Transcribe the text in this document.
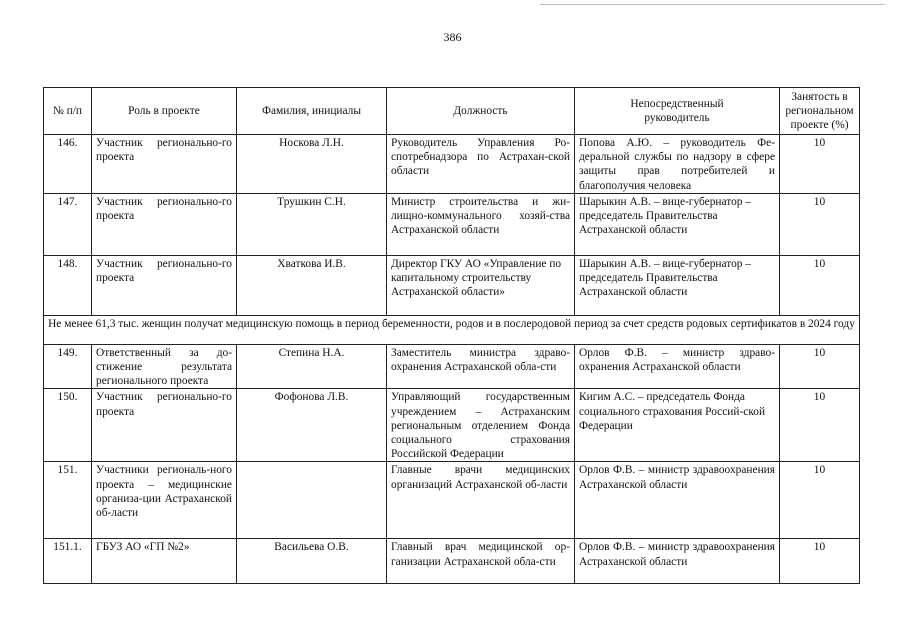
386
№ п/п	Роль в проекте	Фамилия, инициалы	Должность	Непосредственный руководитель	Занятость в региональном проекте (%)
146.	Участник регионально-го проекта	Носкова Л.Н.	Руководитель Управления Ро-спотребнадзора по Астрахан-ской области	Попова А.Ю. – руководитель Фе-деральной службы по надзору в сфере защиты прав потребителей и благополучия человека	10
147.	Участник регионально-го проекта	Трушкин С.Н.	Министр строительства и жи-лищно-коммунального хозяй-ства Астраханской области	Шарыкин А.В. – вице-губернатор – председатель Правительства Астраханской области	10
148.	Участник регионально-го проекта	Хваткова И.В.	Директор ГКУ АО «Управление по капитальному строительству Астраханской области»	Шарыкин А.В. – вице-губернатор – председатель Правительства Астраханской области	10
Не менее 61,3 тыс. женщин получат медицинскую помощь в период беременности, родов и в послеродовой период за счет средств родовых сертификатов в 2024 году					
149.	Ответственный за до-стижение результата регионального проекта	Степина Н.А.	Заместитель министра здраво-охранения Астраханской обла-сти	Орлов Ф.В. – министр здраво-охранения Астраханской области	10
150.	Участник регионально-го проекта	Фофонова Л.В.	Управляющий государственным учреждением – Астраханским региональным отделением Фонда социального страхования Российской Федерации	Кигим А.С. – председатель Фонда социального страхования Россий-ской Федерации	10
151.	Участники региональ-ного проекта – медицинские организа-ции Астраханской об-ласти		Главные врачи медицинских организаций Астраханской об-ласти	Орлов Ф.В. – министр здравоохранения Астраханской области	10
151.1.	ГБУЗ АО «ГП №2»	Васильева О.В.	Главный врач медицинской ор-ганизации Астраханской обла-сти	Орлов Ф.В. – министр здравоохранения Астраханской области	10
